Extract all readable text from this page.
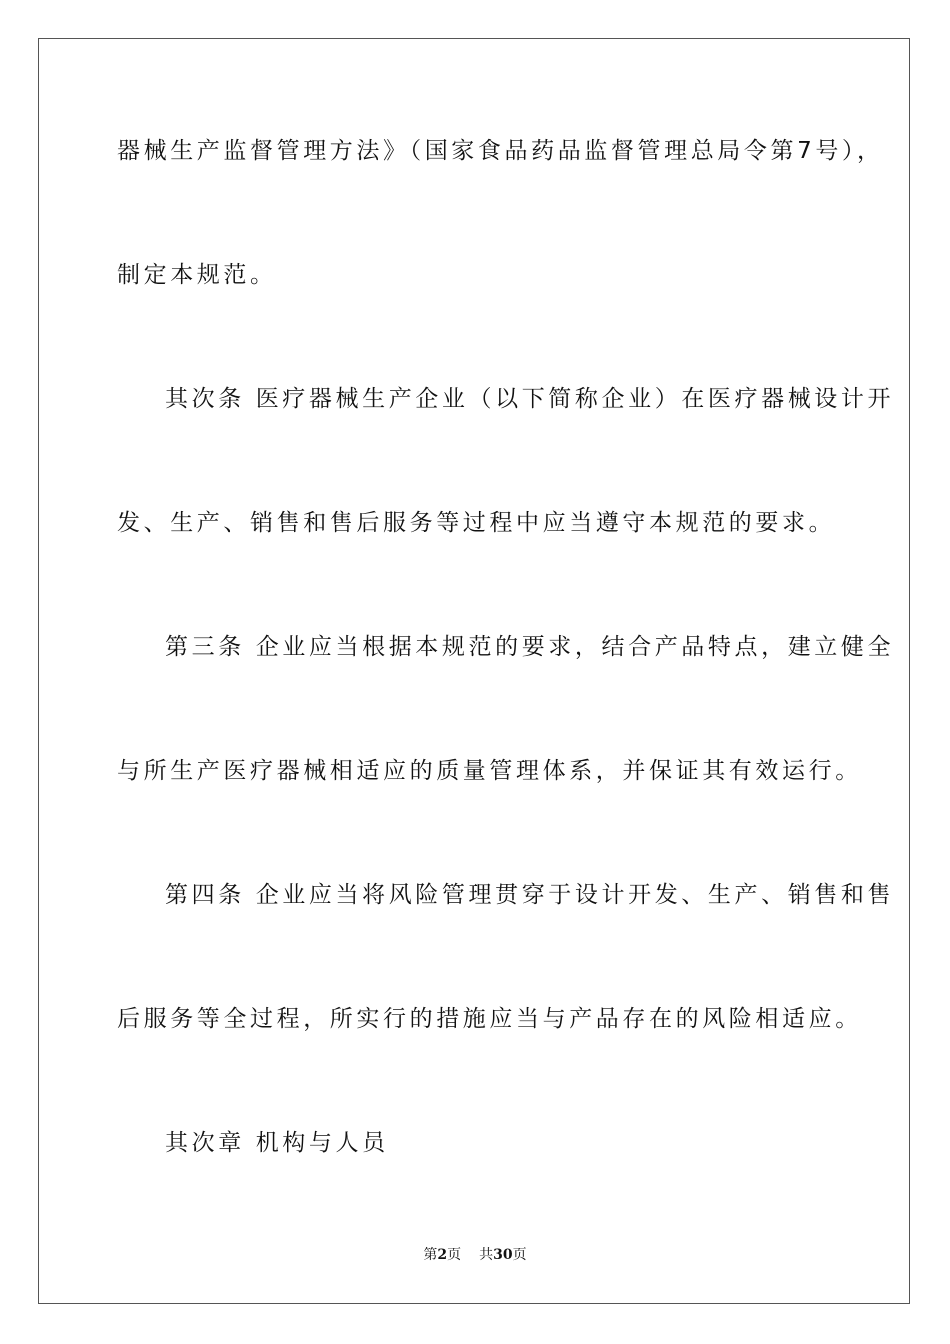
器械生产监督管理方法》（国家食品药品监督管理总局令第7号），
制定本规范。
其次条 医疗器械生产企业（以下简称企业）在医疗器械设计开
发、生产、销售和售后服务等过程中应当遵守本规范的要求。
第三条 企业应当根据本规范的要求，结合产品特点，建立健全
与所生产医疗器械相适应的质量管理体系，并保证其有效运行。
第四条 企业应当将风险管理贯穿于设计开发、生产、销售和售
后服务等全过程，所实行的措施应当与产品存在的风险相适应。
其次章 机构与人员
第2页 共30页
